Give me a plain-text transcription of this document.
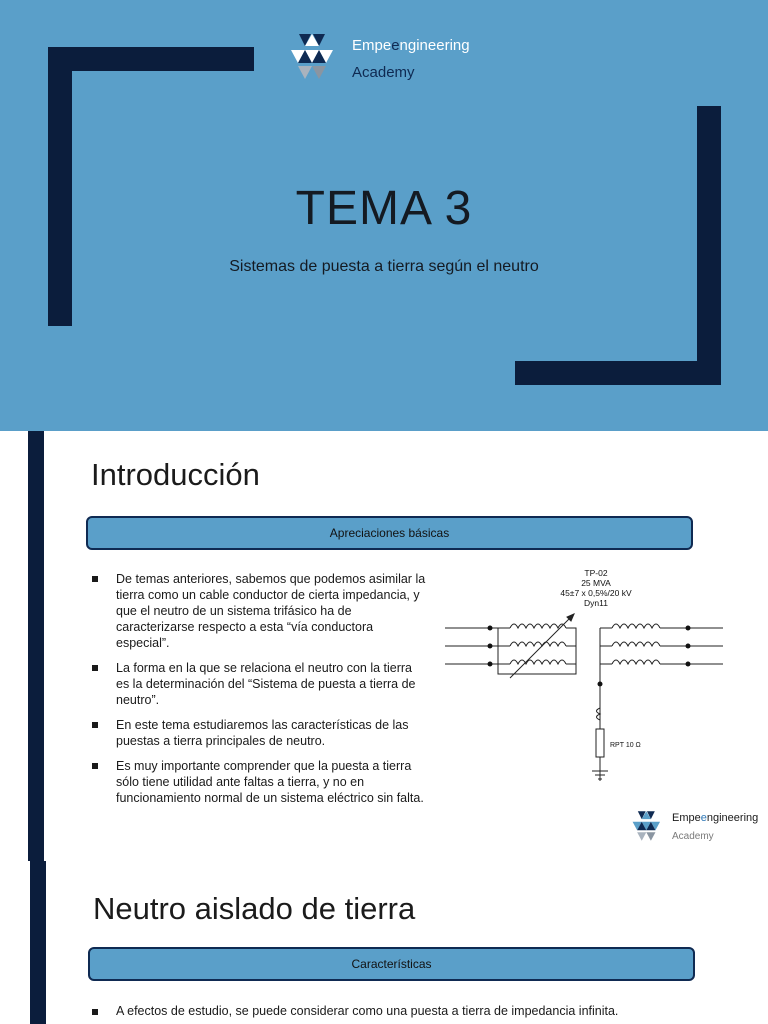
Empeengineering
Academy
TEMA 3
Sistemas de puesta a tierra según el neutro
Introducción
Apreciaciones básicas
De temas anteriores, sabemos que podemos asimilar la tierra como un cable conductor de cierta impedancia, y que el neutro de un sistema trifásico ha de caracterizarse respecto a esta “vía conductora especial”.
La forma en la que se relaciona el neutro con la tierra es la determinación del “Sistema de puesta a tierra de neutro”.
En este tema estudiaremos las características de las puestas a tierra principales de neutro.
Es muy importante comprender que la puesta a tierra sólo tiene utilidad ante faltas a tierra, y no en funcionamiento normal de un sistema eléctrico sin falta.
TP-02
25 MVA
45±7 x 0,5%/20 kV
Dyn11
RPT 10 Ω
Empeengineering
Academy
Neutro aislado de tierra
Características
A efectos de estudio, se puede considerar como una puesta a tierra de impedancia infinita.
